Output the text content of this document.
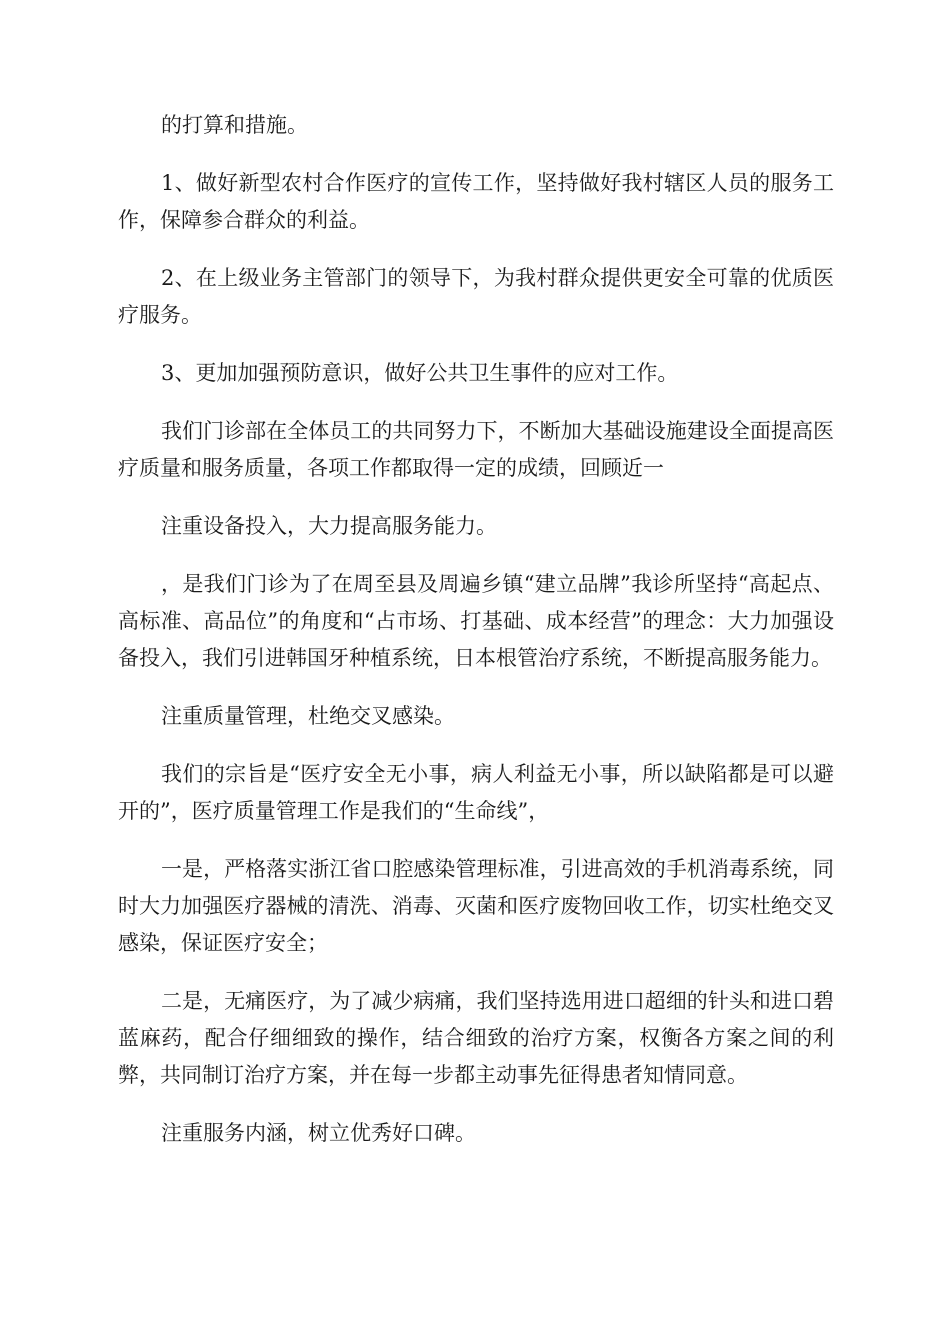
的打算和措施。

1、做好新型农村合作医疗的宣传工作，坚持做好我村辖区人员的服务工作，保障参合群众的利益。

2、在上级业务主管部门的领导下，为我村群众提供更安全可靠的优质医疗服务。

3、更加加强预防意识，做好公共卫生事件的应对工作。

我们门诊部在全体员工的共同努力下，不断加大基础设施建设全面提高医疗质量和服务质量，各项工作都取得一定的成绩，回顾近一

注重设备投入，大力提高服务能力。

，是我们门诊为了在周至县及周遍乡镇“建立品牌”我诊所坚持“高起点、高标准、高品位”的角度和“占市场、打基础、成本经营”的理念：大力加强设备投入，我们引进韩国牙种植系统，日本根管治疗系统，不断提高服务能力。

注重质量管理，杜绝交叉感染。

我们的宗旨是“医疗安全无小事，病人利益无小事，所以缺陷都是可以避开的”，医疗质量管理工作是我们的“生命线”，

一是，严格落实浙江省口腔感染管理标准，引进高效的手机消毒系统，同时大力加强医疗器械的清洗、消毒、灭菌和医疗废物回收工作，切实杜绝交叉感染，保证医疗安全；

二是，无痛医疗，为了减少病痛，我们坚持选用进口超细的针头和进口碧蓝麻药，配合仔细细致的操作，结合细致的治疗方案，权衡各方案之间的利弊，共同制订治疗方案，并在每一步都主动事先征得患者知情同意。

注重服务内涵，树立优秀好口碑。
